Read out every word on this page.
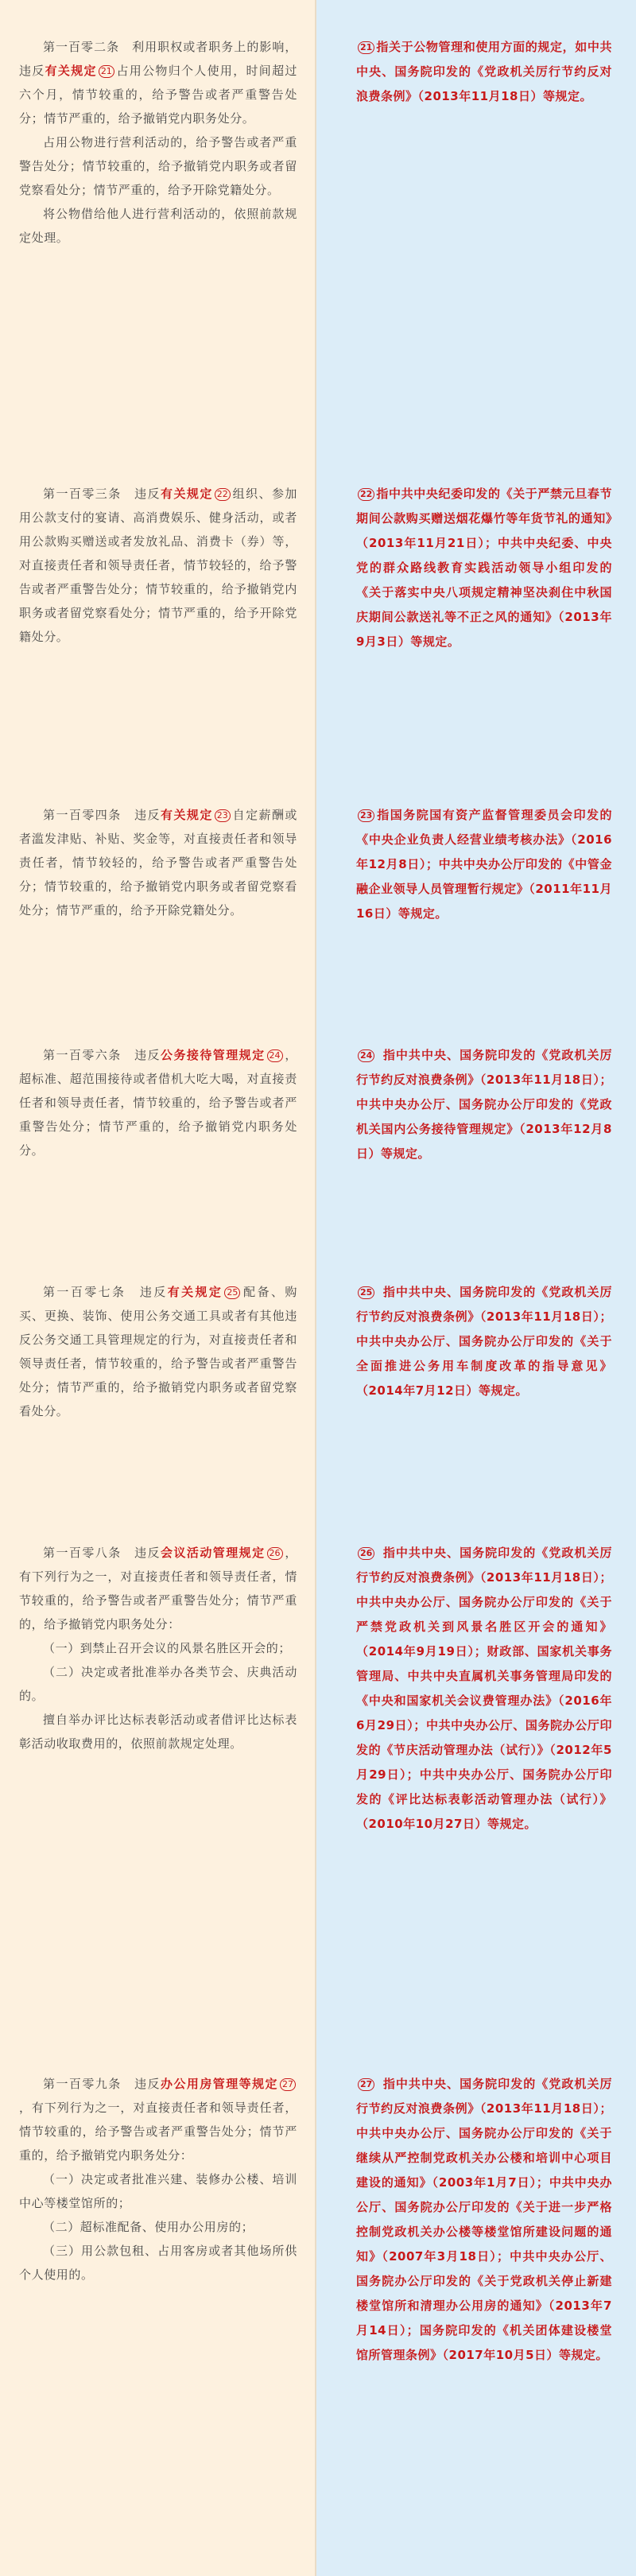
第一百零二条　利用职权或者职务上的影响，违反有关规定 21 占用公物归个人使用，时间超过六个月，情节较重的，给予警告或者严重警告处分；情节严重的，给予撤销党内职务处分。

占用公物进行营利活动的，给予警告或者严重警告处分；情节较重的，给予撤销党内职务或者留党察看处分；情节严重的，给予开除党籍处分。

将公物借给他人进行营利活动的，依照前款规定处理。

21 指关于公物管理和使用方面的规定，如中共中央、国务院印发的《党政机关厉行节约反对浪费条例》（2013年11月18日）等规定。

第一百零三条　违反有关规定 22 组织、参加用公款支付的宴请、高消费娱乐、健身活动，或者用公款购买赠送或者发放礼品、消费卡（券）等，对直接责任者和领导责任者，情节较轻的，给予警告或者严重警告处分；情节较重的，给予撤销党内职务或者留党察看处分；情节严重的，给予开除党籍处分。

22 指中共中央纪委印发的《关于严禁元旦春节期间公款购买赠送烟花爆竹等年货节礼的通知》（2013年11月21日）；中共中央纪委、中央党的群众路线教育实践活动领导小组印发的《关于落实中央八项规定精神坚决刹住中秋国庆期间公款送礼等不正之风的通知》（2013年9月3日）等规定。

第一百零四条　违反有关规定 23 自定薪酬或者滥发津贴、补贴、奖金等，对直接责任者和领导责任者，情节较轻的，给予警告或者严重警告处分；情节较重的，给予撤销党内职务或者留党察看处分；情节严重的，给予开除党籍处分。

23 指国务院国有资产监督管理委员会印发的《中央企业负责人经营业绩考核办法》（2016年12月8日）；中共中央办公厅印发的《中管金融企业领导人员管理暂行规定》（2011年11月16日）等规定。

第一百零六条　违反公务接待管理规定 24 ，超标准、超范围接待或者借机大吃大喝，对直接责任者和领导责任者，情节较重的，给予警告或者严重警告处分；情节严重的，给予撤销党内职务处分。

24 指中共中央、国务院印发的《党政机关厉行节约反对浪费条例》（2013年11月18日）；中共中央办公厅、国务院办公厅印发的《党政机关国内公务接待管理规定》（2013年12月8日）等规定。

第一百零七条　违反有关规定 25 配备、购买、更换、装饰、使用公务交通工具或者有其他违反公务交通工具管理规定的行为，对直接责任者和领导责任者，情节较重的，给予警告或者严重警告处分；情节严重的，给予撤销党内职务或者留党察看处分。

25 指中共中央、国务院印发的《党政机关厉行节约反对浪费条例》（2013年11月18日）；中共中央办公厅、国务院办公厅印发的《关于全面推进公务用车制度改革的指导意见》（2014年7月12日）等规定。

第一百零八条　违反会议活动管理规定 26 ，有下列行为之一，对直接责任者和领导责任者，情节较重的，给予警告或者严重警告处分；情节严重的，给予撤销党内职务处分：

（一）到禁止召开会议的风景名胜区开会的；

（二）决定或者批准举办各类节会、庆典活动的。

擅自举办评比达标表彰活动或者借评比达标表彰活动收取费用的，依照前款规定处理。

26 指中共中央、国务院印发的《党政机关厉行节约反对浪费条例》（2013年11月18日）；中共中央办公厅、国务院办公厅印发的《关于严禁党政机关到风景名胜区开会的通知》（2014年9月19日）；财政部、国家机关事务管理局、中共中央直属机关事务管理局印发的《中央和国家机关会议费管理办法》（2016年6月29日）；中共中央办公厅、国务院办公厅印发的《节庆活动管理办法（试行）》（2012年5月29日）；中共中央办公厅、国务院办公厅印发的《评比达标表彰活动管理办法（试行）》（2010年10月27日）等规定。

第一百零九条　违反办公用房管理等规定 27，有下列行为之一，对直接责任者和领导责任者，情节较重的，给予警告或者严重警告处分；情节严重的，给予撤销党内职务处分：

（一）决定或者批准兴建、装修办公楼、培训中心等楼堂馆所的；

（二）超标准配备、使用办公用房的；

（三）用公款包租、占用客房或者其他场所供个人使用的。

27 指中共中央、国务院印发的《党政机关厉行节约反对浪费条例》（2013年11月18日）；中共中央办公厅、国务院办公厅印发的《关于继续从严控制党政机关办公楼和培训中心项目建设的通知》（2003年1月7日）；中共中央办公厅、国务院办公厅印发的《关于进一步严格控制党政机关办公楼等楼堂馆所建设问题的通知》（2007年3月18日）；中共中央办公厅、国务院办公厅印发的《关于党政机关停止新建楼堂馆所和清理办公用房的通知》（2013年7月14日）；国务院印发的《机关团体建设楼堂馆所管理条例》（2017年10月5日）等规定。
